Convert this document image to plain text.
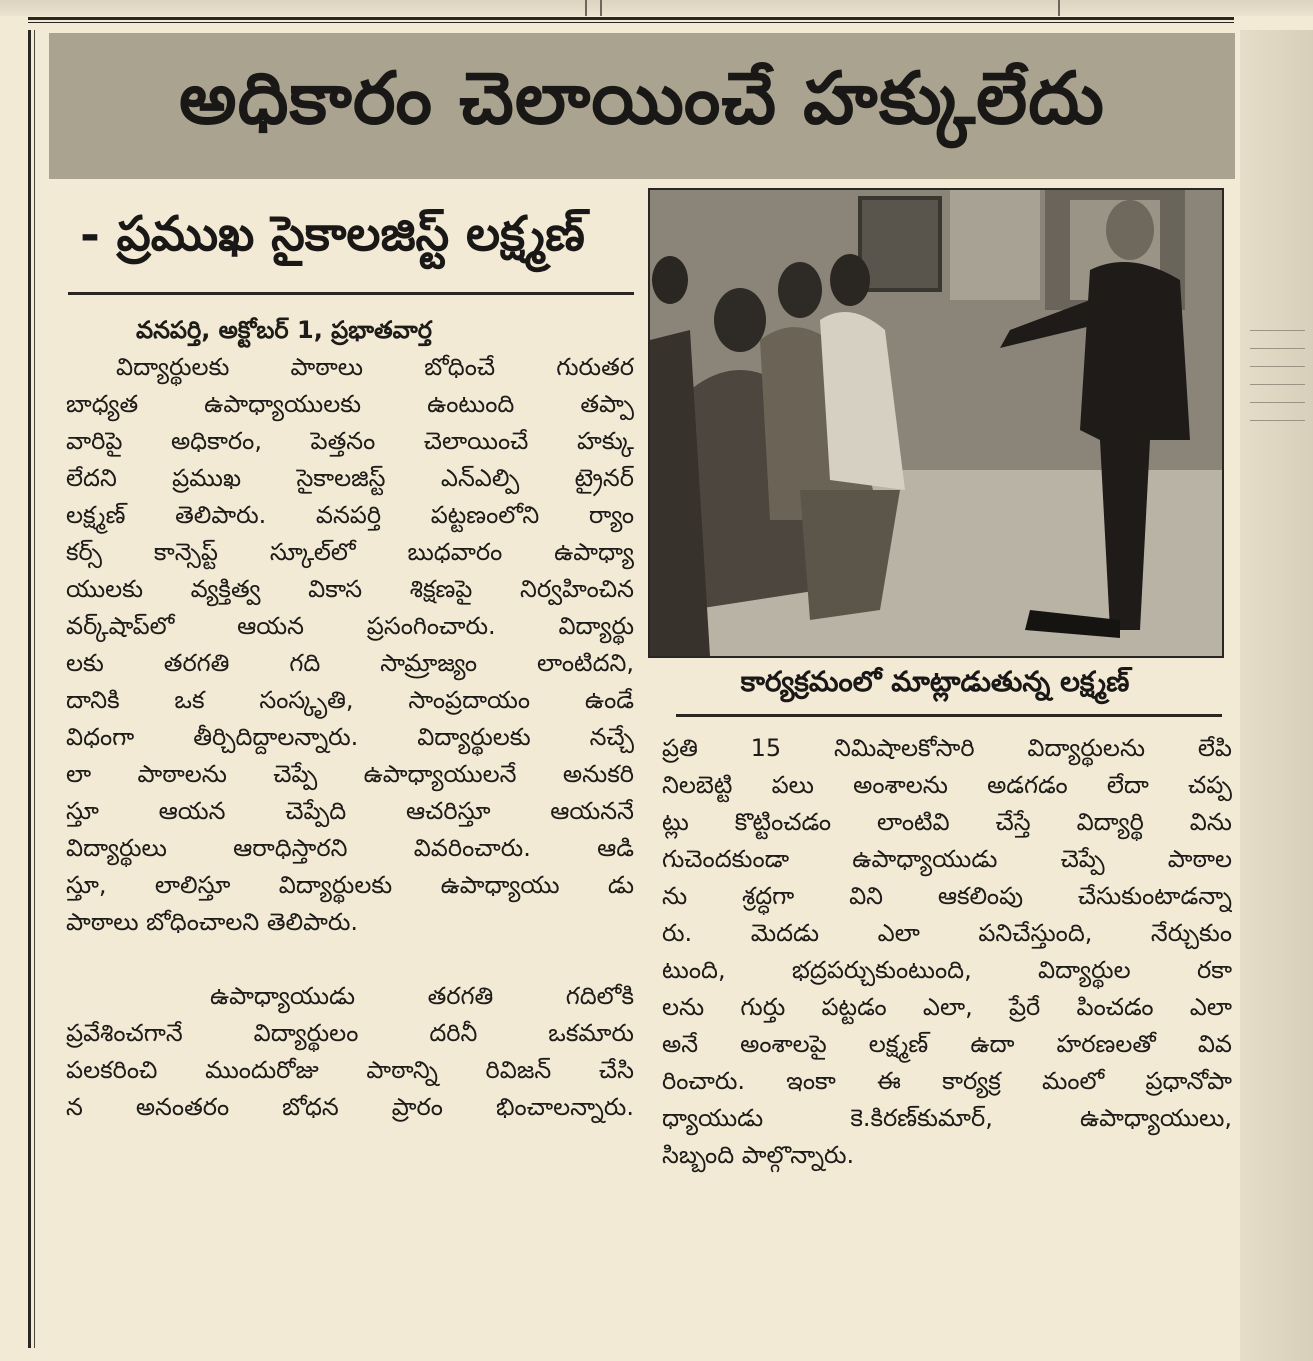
అధికారం చెలాయించే హక్కులేదు
- ప్రముఖ సైకాలజిస్ట్ లక్ష్మణ్
వనపర్తి, అక్టోబర్ 1, ప్రభాతవార్త
విద్యార్థులకు పాఠాలు బోధించే గురుతర
బాధ్యత ఉపాధ్యాయులకు ఉంటుంది తప్పా
వారిపై అధికారం, పెత్తనం చెలాయించే హక్కు
లేదని ప్రముఖ సైకాలజిస్ట్ ఎన్ఎల్పి ట్రైనర్
లక్ష్మణ్ తెలిపారు. వనపర్తి పట్టణంలోని ర్యాం
కర్స్ కాన్సెప్ట్ స్కూల్‌లో బుధవారం ఉపాధ్యా
యులకు వ్యక్తిత్వ వికాస శిక్షణపై నిర్వహించిన
వర్క్‌షాప్‌లో ఆయన ప్రసంగించారు. విద్యార్థు
లకు తరగతి గది సామ్రాజ్యం లాంటిదని,
దానికి ఒక సంస్కృతి, సాంప్రదాయం ఉండే
విధంగా తీర్చిదిద్దాలన్నారు. విద్యార్థులకు నచ్చే
లా పాఠాలను చెప్పే ఉపాధ్యాయులనే అనుకరి
స్తూ ఆయన చెప్పేది ఆచరిస్తూ ఆయననే
విద్యార్థులు ఆరాధిస్తారని వివరించారు. ఆడి
స్తూ, లాలిస్తూ విద్యార్థులకు ఉపాధ్యాయు డు
పాఠాలు బోధించాలని తెలిపారు.
ఉపాధ్యాయుడు తరగతి గదిలోకి
ప్రవేశించగానే విద్యార్థులం దరినీ ఒకమారు
పలకరించి ముందురోజు పాఠాన్ని రివిజన్ చేసి
న అనంతరం బోధన ప్రారం భించాలన్నారు.
కార్యక్రమంలో మాట్లాడుతున్న లక్ష్మణ్
ప్రతి 15 నిమిషాలకోసారి విద్యార్థులను లేపి
నిలబెట్టి పలు అంశాలను అడగడం లేదా చప్ప
ట్లు కొట్టించడం లాంటివి చేస్తే విద్యార్థి విను
గుచెందకుండా ఉపాధ్యాయుడు చెప్పే పాఠాల
ను శ్రద్ధగా విని ఆకలింపు చేసుకుంటాడన్నా
రు. మెదడు ఎలా పనిచేస్తుంది, నేర్చుకుం
టుంది, భద్రపర్చుకుంటుంది, విద్యార్థుల రకా
లను గుర్తు పట్టడం ఎలా, ప్రేరే పించడం ఎలా
అనే అంశాలపై లక్ష్మణ్ ఉదా హరణలతో వివ
రించారు. ఇంకా ఈ కార్యక్ర మంలో ప్రధానోపా
ధ్యాయుడు కె.కిరణ్‌కుమార్, ఉపాధ్యాయులు,
సిబ్బంది పాల్గొన్నారు.
